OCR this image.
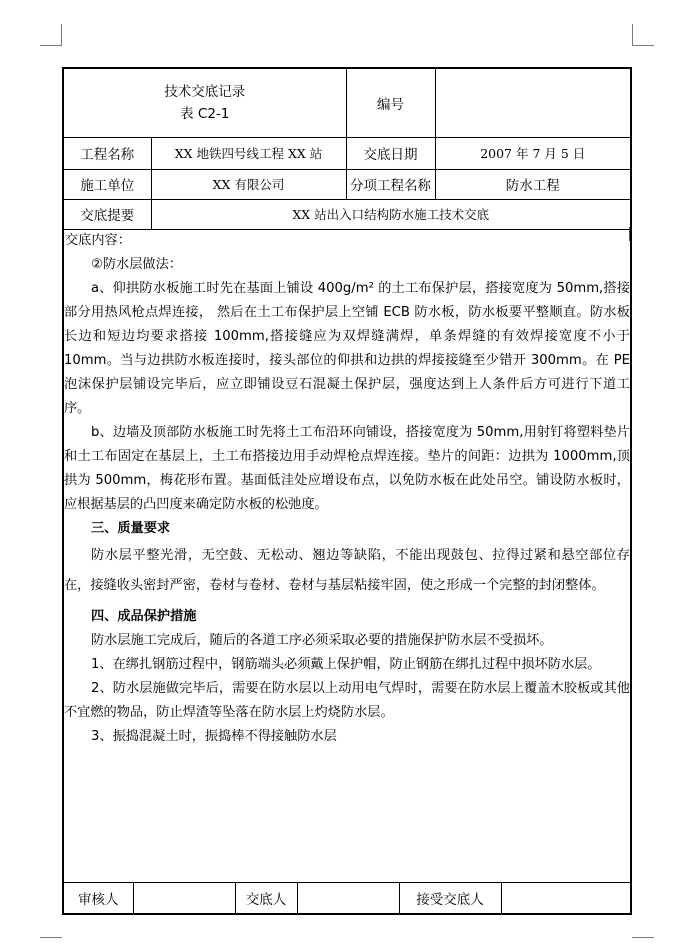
技术交底记录
表 C2-1		编号	
工程名称	XX 地铁四号线工程 XX 站	交底日期	2007 年 7 月 5 日
施工单位	XX 有限公司	分项工程名称	防水工程
交底提要	XX 站出入口结构防水施工技术交底		

交底内容：

②防水层做法：

a、仰拱防水板施工时先在基面上铺设 400g/m² 的土工布保护层，搭接宽度为 50mm,搭接部分用热风枪点焊连接， 然后在土工布保护层上空铺 ECB 防水板，防水板要平整顺直。防水板长边和短边均要求搭接 100mm,搭接缝应为双焊缝满焊，单条焊缝的有效焊接宽度不小于 10mm。当与边拱防水板连接时，接头部位的仰拱和边拱的焊接接缝至少错开 300mm。在 PE 泡沫保护层铺设完毕后，应立即铺设豆石混凝土保护层，强度达到上人条件后方可进行下道工序。

b、边墙及顶部防水板施工时先将土工布沿环向铺设，搭接宽度为 50mm,用射钉将塑料垫片和土工布固定在基层上，土工布搭接边用手动焊枪点焊连接。垫片的间距：边拱为 1000mm,顶拱为 500mm，梅花形布置。基面低洼处应增设布点，以免防水板在此处吊空。铺设防水板时，应根据基层的凸凹度来确定防水板的松弛度。

三、质量要求

防水层平整光滑，无空鼓、无松动、翘边等缺陷，不能出现鼓包、拉得过紧和悬空部位存在，接缝收头密封严密，卷材与卷材、卷材与基层粘接牢固，使之形成一个完整的封闭整体。

四、成品保护措施

防水层施工完成后，随后的各道工序必须采取必要的措施保护防水层不受损坏。

1、在绑扎钢筋过程中，钢筋端头必须戴上保护帽，防止钢筋在绑扎过程中损坏防水层。

2、防水层施做完毕后，需要在防水层以上动用电气焊时，需要在防水层上覆盖木胶板或其他不宜燃的物品，防止焊渣等坠落在防水层上灼烧防水层。

3、振捣混凝土时，振捣棒不得接触防水层

审核人		交底人		接受交底人	
